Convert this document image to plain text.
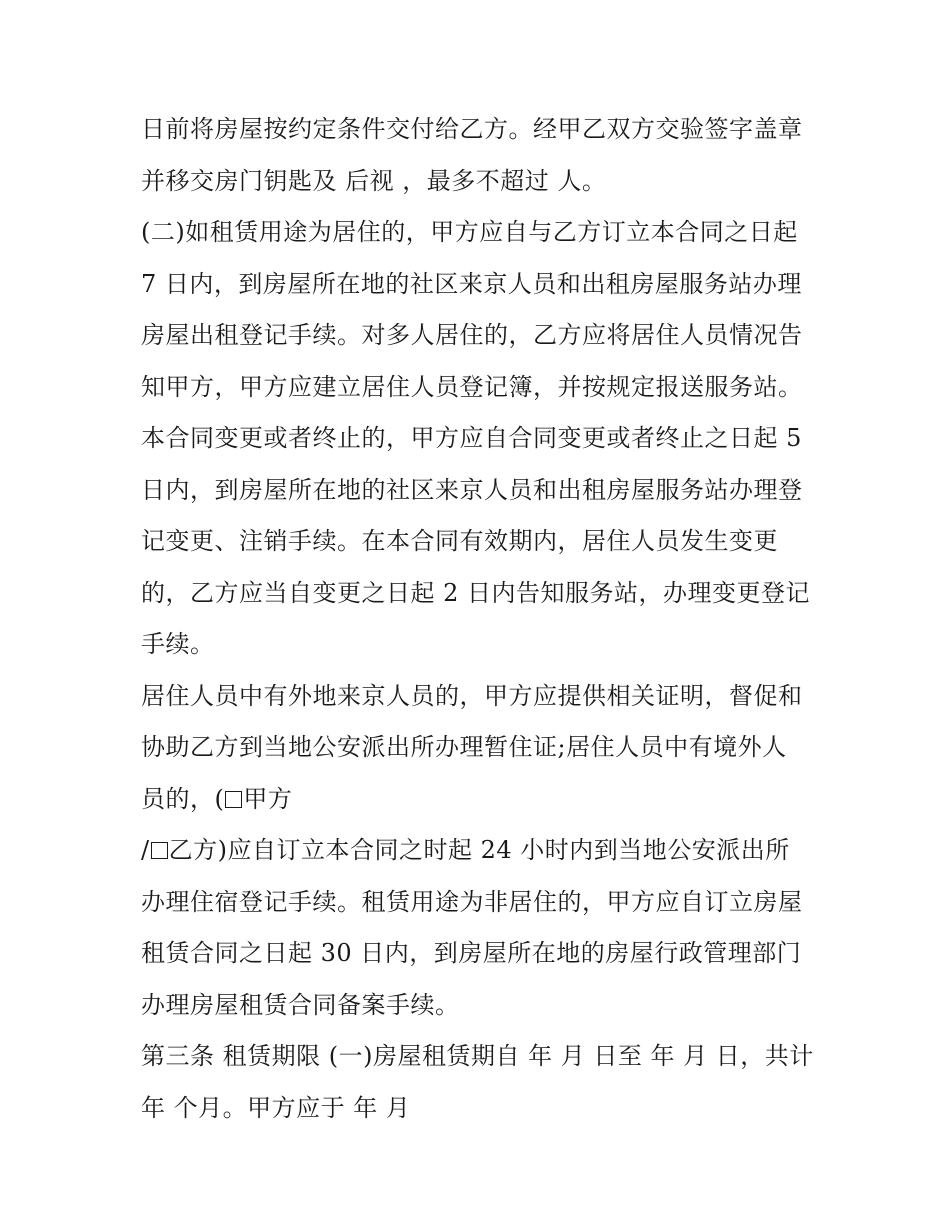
日前将房屋按约定条件交付给乙方。经甲乙双方交验签字盖章
并移交房门钥匙及 后视 ，最多不超过 人。
(二)如租赁用途为居住的，甲方应自与乙方订立本合同之日起
7 日内，到房屋所在地的社区来京人员和出租房屋服务站办理
房屋出租登记手续。对多人居住的，乙方应将居住人员情况告
知甲方，甲方应建立居住人员登记簿，并按规定报送服务站。
本合同变更或者终止的，甲方应自合同变更或者终止之日起 5
日内，到房屋所在地的社区来京人员和出租房屋服务站办理登
记变更、注销手续。在本合同有效期内，居住人员发生变更
的，乙方应当自变更之日起 2 日内告知服务站，办理变更登记
手续。
居住人员中有外地来京人员的，甲方应提供相关证明，督促和
协助乙方到当地公安派出所办理暂住证;居住人员中有境外人
员的，( 甲方
/ 乙方)应自订立本合同之时起 24 小时内到当地公安派出所
办理住宿登记手续。租赁用途为非居住的，甲方应自订立房屋
租赁合同之日起 30 日内，到房屋所在地的房屋行政管理部门
办理房屋租赁合同备案手续。
第三条 租赁期限 (一)房屋租赁期自 年 月 日至 年 月 日，共计
年 个月。甲方应于 年 月
